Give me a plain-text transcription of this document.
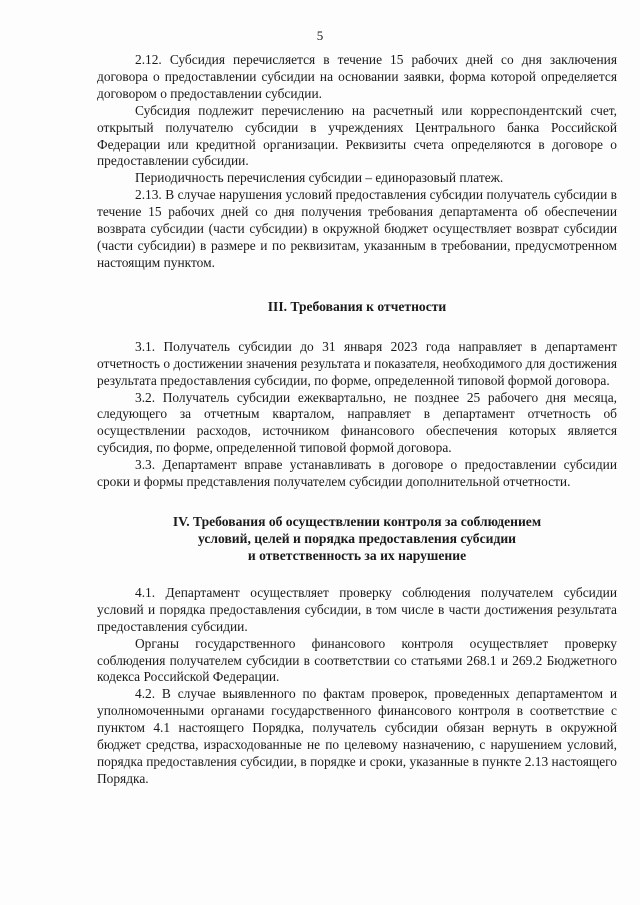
5

2.12. Субсидия перечисляется в течение 15 рабочих дней со дня заключения договора о предоставлении субсидии на основании заявки, форма которой определяется договором о предоставлении субсидии.

Субсидия подлежит перечислению на расчетный или корреспондентский счет, открытый получателю субсидии в учреждениях Центрального банка Российской Федерации или кредитной организации. Реквизиты счета определяются в договоре о предоставлении субсидии.

Периодичность перечисления субсидии – единоразовый платеж.

2.13. В случае нарушения условий предоставления субсидии получатель субсидии в течение 15 рабочих дней со дня получения требования департамента об обеспечении возврата субсидии (части субсидии) в окружной бюджет осуществляет возврат субсидии (части субсидии) в размере и по реквизитам, указанным в требовании, предусмотренном настоящим пунктом.

III. Требования к отчетности

3.1. Получатель субсидии до 31 января 2023 года направляет в департамент отчетность о достижении значения результата и показателя, необходимого для достижения результата предоставления субсидии, по форме, определенной типовой формой договора.

3.2. Получатель субсидии ежеквартально, не позднее 25 рабочего дня месяца, следующего за отчетным кварталом, направляет в департамент отчетность об осуществлении расходов, источником финансового обеспечения которых является субсидия, по форме, определенной типовой формой договора.

3.3. Департамент вправе устанавливать в договоре о предоставлении субсидии сроки и формы представления получателем субсидии дополнительной отчетности.

IV. Требования об осуществлении контроля за соблюдением
условий, целей и порядка предоставления субсидии
и ответственность за их нарушение

4.1. Департамент осуществляет проверку соблюдения получателем субсидии условий и порядка предоставления субсидии, в том числе в части достижения результата предоставления субсидии.

Органы государственного финансового контроля осуществляет проверку соблюдения получателем субсидии в соответствии со статьями 268.1 и 269.2 Бюджетного кодекса Российской Федерации.

4.2. В случае выявленного по фактам проверок, проведенных департаментом и уполномоченными органами государственного финансового контроля в соответствие с пунктом 4.1 настоящего Порядка, получатель субсидии обязан вернуть в окружной бюджет средства, израсходованные не по целевому назначению, с нарушением условий, порядка предоставления субсидии, в порядке и сроки, указанные в пункте 2.13 настоящего Порядка.
